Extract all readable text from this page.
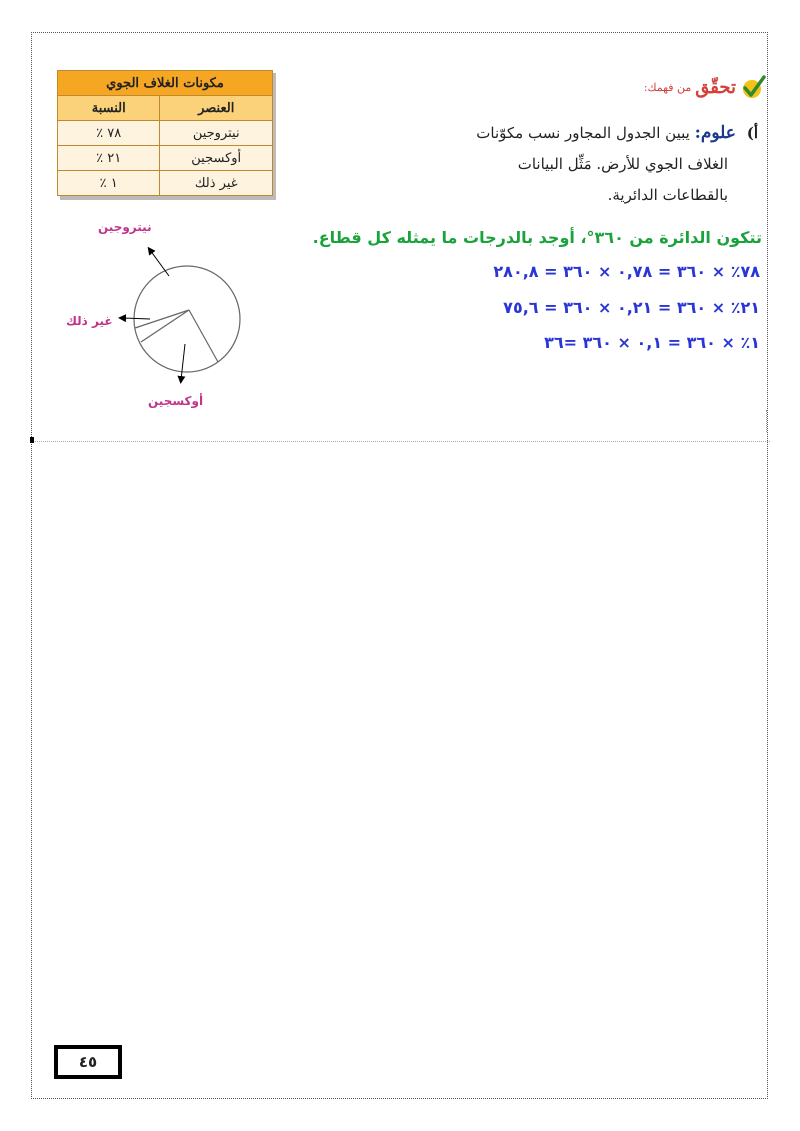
مكونات الغلاف الجوي	
العنصر	النسبة
نيتروجين	٧٨ ٪
أوكسجين	٢١ ٪
غير ذلك	١ ٪
تحقّق
من فهمك:
أ) علوم: يبين الجدول المجاور نسب مكوّنات
الغلاف الجوي للأرض. مَثِّل البيانات
بالقطاعات الدائرية.
تتكون الدائرة من ٣٦٠°، أوجد بالدرجات ما يمثله كل قطاع.
٧٨٪ × ٣٦٠ = ٠,٧٨ × ٣٦٠ = ٢٨٠,٨
٢١٪ × ٣٦٠ = ٠,٢١ × ٣٦٠ = ٧٥,٦
١٪ × ٣٦٠ = ٠,١ × ٣٦٠ =٣٦
نيتروجين
أوكسجين
غير ذلك
٤٥
